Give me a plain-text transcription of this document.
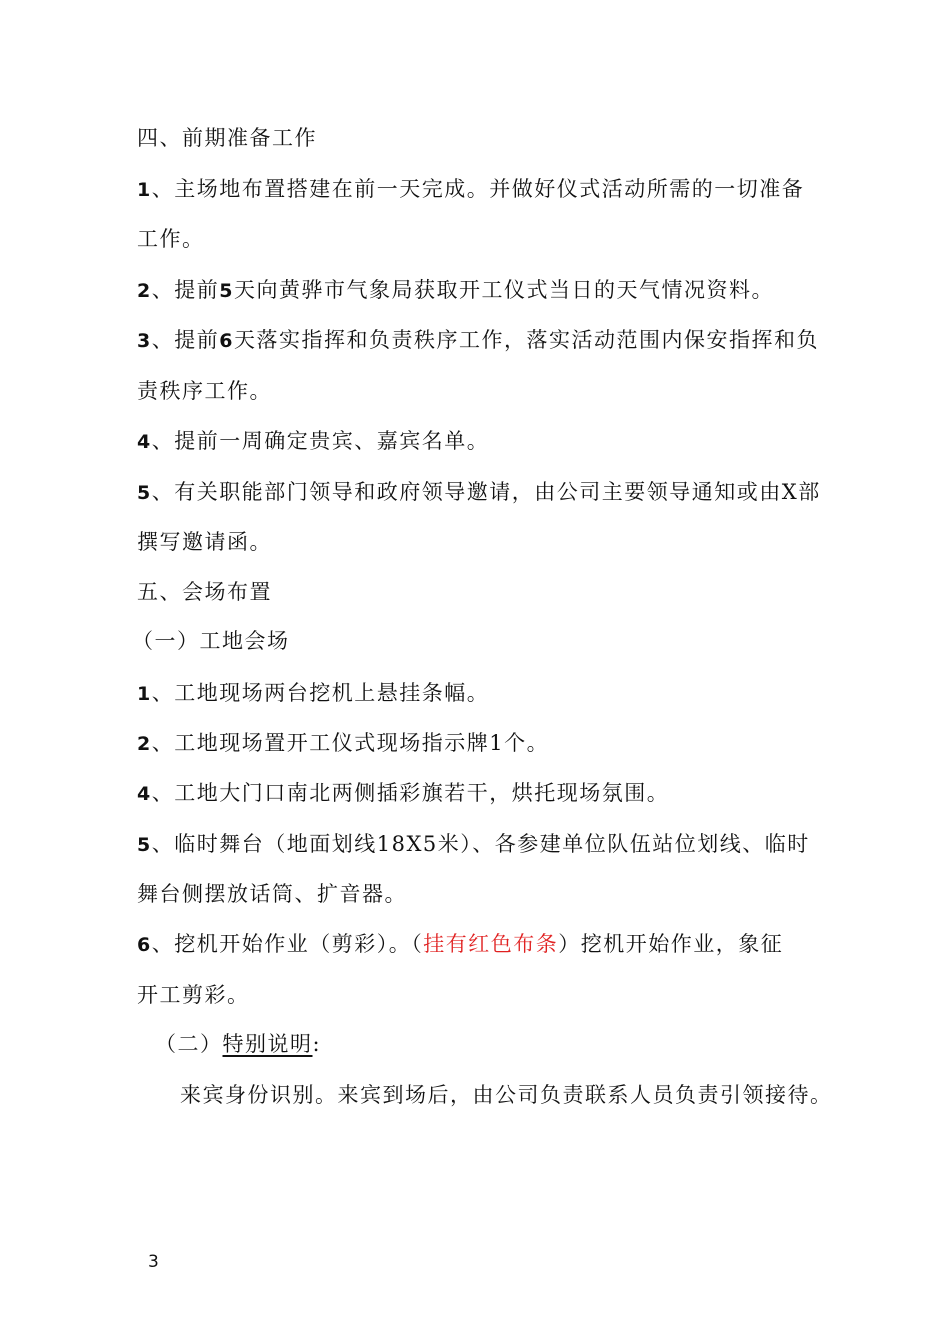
四、前期准备工作
1、主场地布置搭建在前一天完成。并做好仪式活动所需的一切准备
工作。
2、提前5天向黄骅市气象局获取开工仪式当日的天气情况资料。
3、提前6天落实指挥和负责秩序工作，落实活动范围内保安指挥和负
责秩序工作。
4、提前一周确定贵宾、嘉宾名单。
5、有关职能部门领导和政府领导邀请，由公司主要领导通知或由X部
撰写邀请函。
五、会场布置
（一）工地会场
1、工地现场两台挖机上悬挂条幅。
2、工地现场置开工仪式现场指示牌1个。
4、工地大门口南北两侧插彩旗若干，烘托现场氛围。
5、临时舞台（地面划线18X5米）、各参建单位队伍站位划线、临时
舞台侧摆放话筒、扩音器。
6、挖机开始作业（剪彩）。（挂有红色布条）挖机开始作业，象征
开工剪彩。
（二）特别说明:
来宾身份识别。来宾到场后，由公司负责联系人员负责引领接待。
3
